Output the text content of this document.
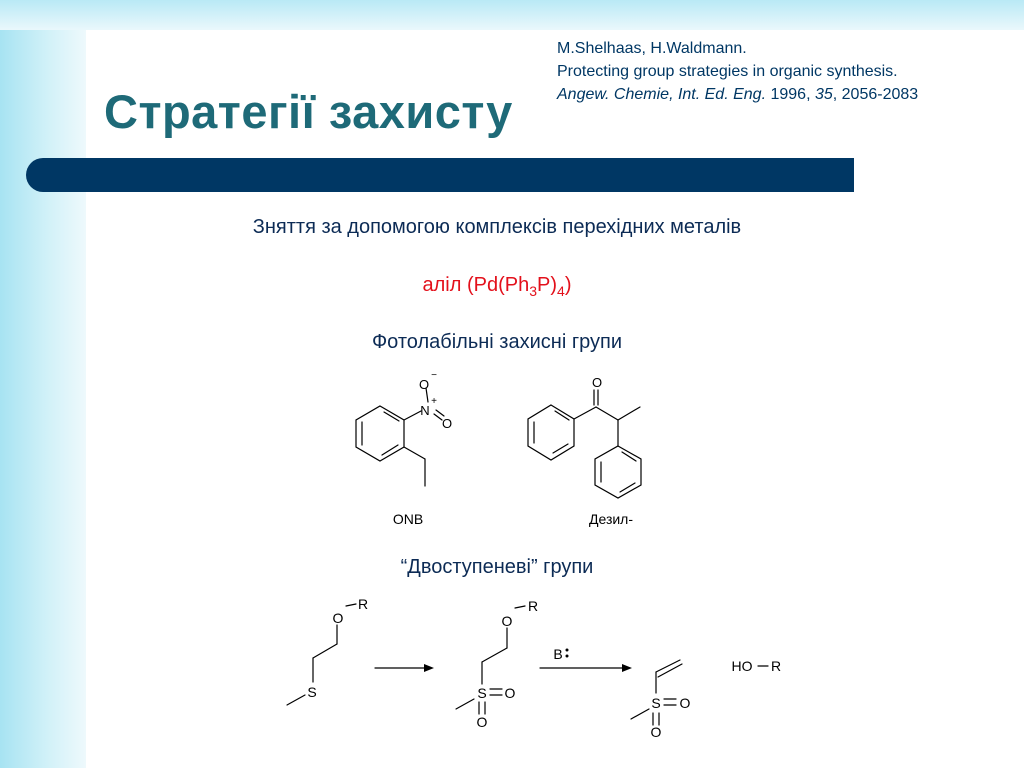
Стратегії захисту
M.Shelhaas, H.Waldmann.
Protecting group strategies in organic synthesis.
Angew. Chemie, Int. Ed. Eng. 1996, 35, 2056-2083
Зняття за допомогою комплексів перехідних металів
аліл $(Pd(Ph_3P)_4)$
Фотолабільні захисні групи
“Двоступеневі” групи
O
−
N
+
O
ONB
O
Дезил-
O
R
S
O
R
S O
O
B
S O
O
HO R
